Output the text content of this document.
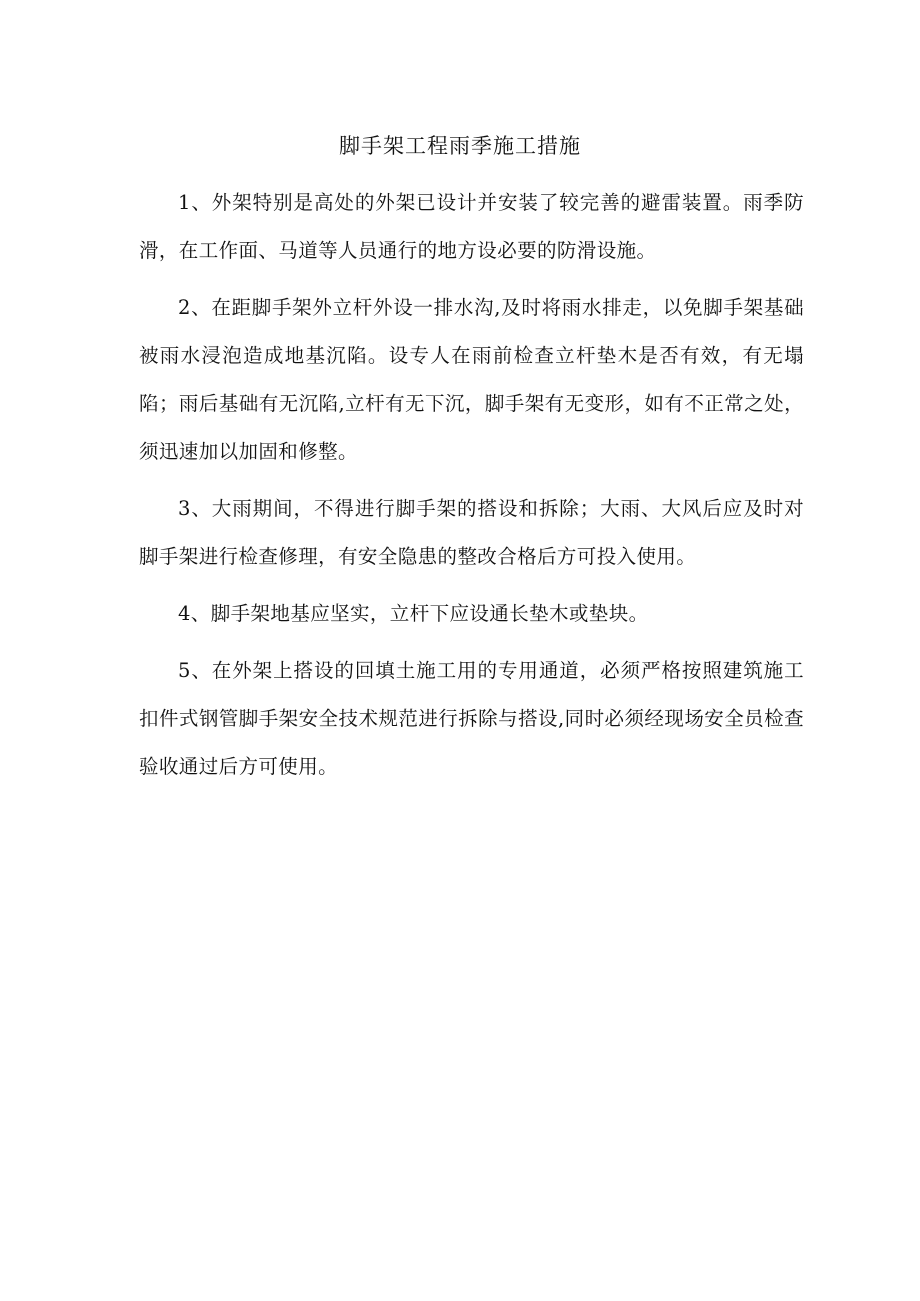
脚手架工程雨季施工措施

1、外架特别是高处的外架已设计并安装了较完善的避雷装置。雨季防滑，在工作面、马道等人员通行的地方设必要的防滑设施。

2、在距脚手架外立杆外设一排水沟,及时将雨水排走，以免脚手架基础被雨水浸泡造成地基沉陷。设专人在雨前检查立杆垫木是否有效，有无塌陷；雨后基础有无沉陷,立杆有无下沉，脚手架有无变形，如有不正常之处，须迅速加以加固和修整。

3、大雨期间，不得进行脚手架的搭设和拆除；大雨、大风后应及时对脚手架进行检查修理，有安全隐患的整改合格后方可投入使用。

4、脚手架地基应坚实，立杆下应设通长垫木或垫块。

5、在外架上搭设的回填土施工用的专用通道，必须严格按照建筑施工扣件式钢管脚手架安全技术规范进行拆除与搭设,同时必须经现场安全员检查验收通过后方可使用。
